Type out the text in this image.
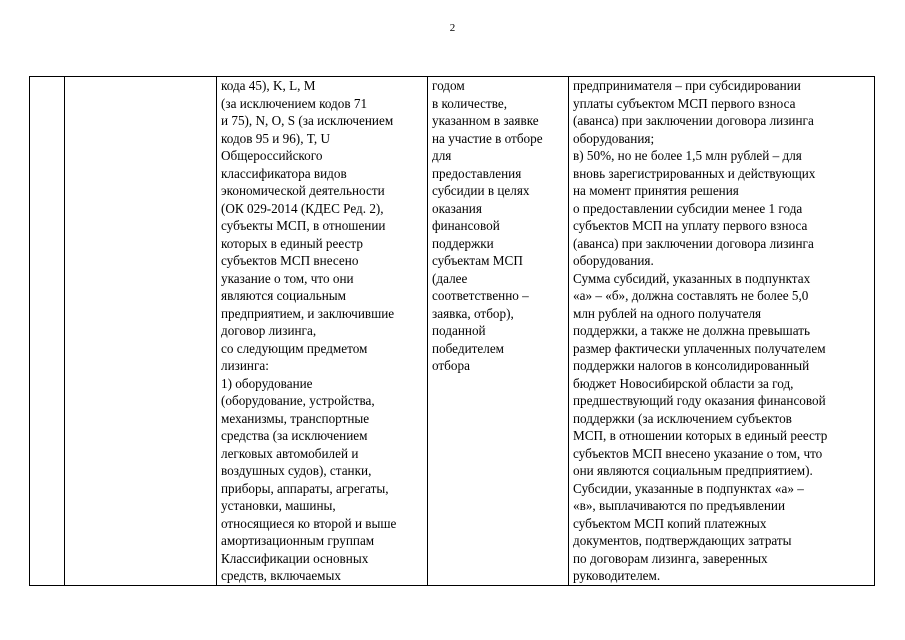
2

кода 45), K, L, M
(за исключением кодов 71
и 75), N, O, S (за исключением
кодов 95 и 96), T, U
Общероссийского
классификатора видов
экономической деятельности
(ОК 029-2014 (КДЕС Ред. 2),
субъекты МСП, в отношении
которых в единый реестр
субъектов МСП внесено
указание о том, что они
являются социальным
предприятием, и заключившие
договор лизинга,
со следующим предметом
лизинга:
1) оборудование
(оборудование, устройства,
механизмы, транспортные
средства (за исключением
легковых автомобилей и
воздушных судов), станки,
приборы, аппараты, агрегаты,
установки, машины,
относящиеся ко второй и выше
амортизационным группам
Классификации основных
средств, включаемых

годом
в количестве,
указанном в заявке
на участие в отборе
для
предоставления
субсидии в целях
оказания
финансовой
поддержки
субъектам МСП
(далее
соответственно –
заявка, отбор),
поданной
победителем
отбора

предпринимателя – при субсидировании
уплаты субъектом МСП первого взноса
(аванса) при заключении договора лизинга
оборудования;
в) 50%, но не более 1,5 млн рублей – для
вновь зарегистрированных и действующих
на момент принятия решения
о предоставлении субсидии менее 1 года
субъектов МСП на уплату первого взноса
(аванса) при заключении договора лизинга
оборудования.
Сумма субсидий, указанных в подпунктах
«а» – «б», должна составлять не более 5,0
млн рублей на одного получателя
поддержки, а также не должна превышать
размер фактически уплаченных получателем
поддержки налогов в консолидированный
бюджет Новосибирской области за год,
предшествующий году оказания финансовой
поддержки (за исключением субъектов
МСП, в отношении которых в единый реестр
субъектов МСП внесено указание о том, что
они являются социальным предприятием).
Субсидии, указанные в подпунктах «а» –
«в», выплачиваются по предъявлении
субъектом МСП копий платежных
документов, подтверждающих затраты
по договорам лизинга, заверенных
руководителем.
